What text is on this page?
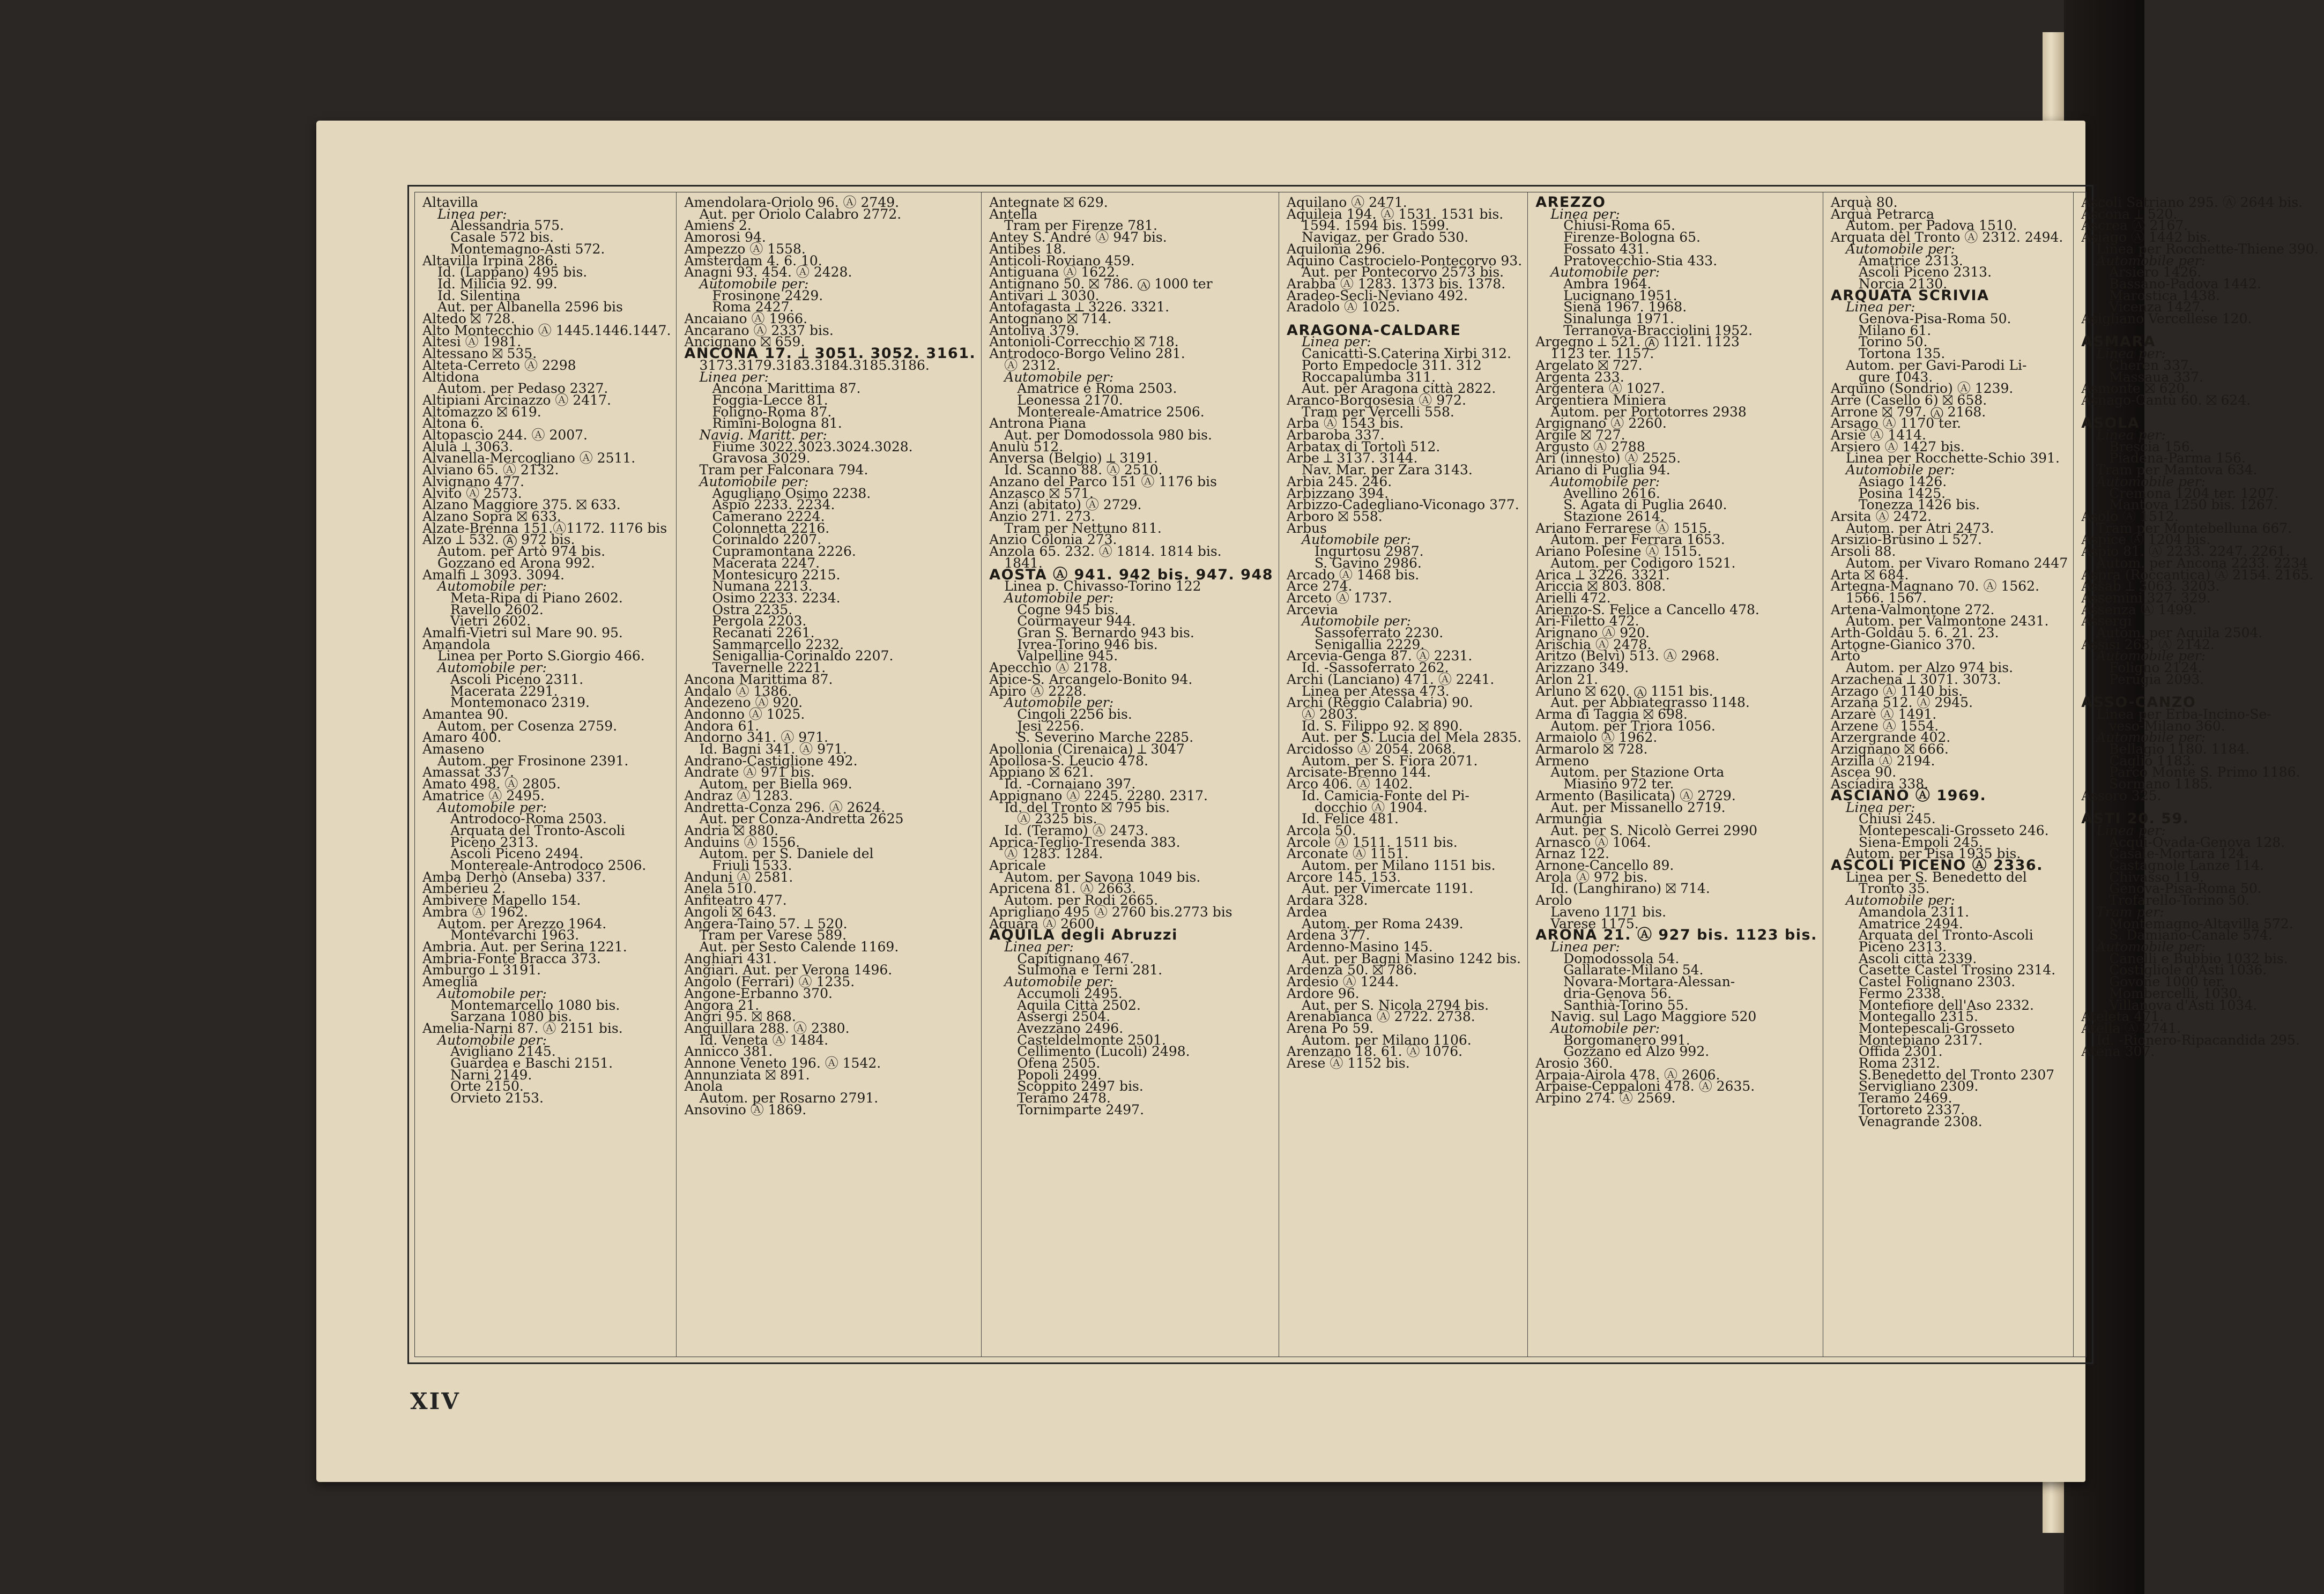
Altavilla
Linea per:
Alessandria 575.
Casale 572 bis.
Montemagno-Asti 572.
Altavilla Irpina 286.
Id. (Lappano) 495 bis.
Id. Milicia 92. 99.
Id. Silentina
Aut. per Albanella 2596 bis
Altedo ⛝ 728.
Alto Montecchio Ⓐ 1445.1446.1447.
Altesi Ⓐ 1981.
Altessano ⛝ 535.
Alteta-Cerreto Ⓐ 2298
Altidona
Autom. per Pedaso 2327.
Altipiani Arcinazzo Ⓐ 2417.
Altomazzo ⛝ 619.
Altona 6.
Altopascio 244. Ⓐ 2007.
Alula ⟂ 3063.
Alvanella-Mercogliano Ⓐ 2511.
Alviano 65. Ⓐ 2132.
Alvignano 477.
Alvito Ⓐ 2573.
Alzano Maggiore 375. ⛝ 633.
Alzano Sopra ⛝ 633.
Alzate-Brenna 151.Ⓐ1172. 1176 bis
Alzo ⟂ 532. Ⓐ 972 bis.
Autom. per Artò 974 bis.
Gozzano ed Arona 992.
Amalfi ⟂ 3093. 3094.
Automobile per:
Meta-Ripa di Piano 2602.
Ravello 2602.
Vietri 2602.
Amalfi-Vietri sul Mare 90. 95.
Amandola
Linea per Porto S.Giorgio 466.
Automobile per:
Ascoli Piceno 2311.
Macerata 2291.
Montemonaco 2319.
Amantea 90.
Autom. per Cosenza 2759.
Amaro 400.
Amaseno
Autom. per Frosinone 2391.
Amassat 337.
Amato 498. Ⓐ 2805.
Amatrice Ⓐ 2495.
Automobile per:
Antrodoco-Roma 2503.
Arquata del Tronto-Ascoli
Piceno 2313.
Ascoli Piceno 2494.
Montereale-Antrodoco 2506.
Amba Derhò (Anseba) 337.
Ambérieu 2.
Ambivere Mapello 154.
Ambra Ⓐ 1962.
Autom. per Arezzo 1964.
Montevarchi 1963.
Ambria. Aut. per Serina 1221.
Ambria-Fonte Bracca 373.
Amburgo ⟂ 3191.
Ameglia
Automobile per:
Montemarcello 1080 bis.
Sarzana 1080 bis.
Amelia-Narni 87. Ⓐ 2151 bis.
Automobile per:
Avigliano 2145.
Guardea e Baschi 2151.
Narni 2149.
Orte 2150.
Orvieto 2153.
Amendolara-Oriolo 96. Ⓐ 2749.
Aut. per Oriolo Calabro 2772.
Amiens 2.
Amorosi 94.
Ampezzo Ⓐ 1558.
Amsterdam 4. 6. 10.
Anagni 93. 454. Ⓐ 2428.
Automobile per:
Frosinone 2429.
Roma 2427.
Ancaiano Ⓐ 1966.
Ancarano Ⓐ 2337 bis.
Ancignano ⛝ 659.
ANCONA 17. ⟂ 3051. 3052. 3161.
3173.3179.3183.3184.3185.3186.
Linea per:
Ancona Marittima 87.
Foggia-Lecce 81.
Foligno-Roma 87.
Rimini-Bologna 81.
Navig. Maritt. per:
Fiume 3022.3023.3024.3028.
Gravosa 3029.
Tram per Falconara 794.
Automobile per:
Agugliano Osimo 2238.
Aspio 2233. 2234.
Camerano 2224.
Colonnetta 2216.
Corinaldo 2207.
Cupramontana 2226.
Macerata 2247.
Montesicuro 2215.
Numana 2213.
Osimo 2233. 2234.
Ostra 2235.
Pergola 2203.
Recanati 2261.
Sammarcello 2232.
Senigallia-Corinaldo 2207.
Tavernelle 2221.
Ancona Marittima 87.
Andalo Ⓐ 1386.
Andezeno Ⓐ 920.
Andonno Ⓐ 1025.
Andora 61.
Andorno 341. Ⓐ 971.
Id. Bagni 341. Ⓐ 971.
Andrano-Castiglione 492.
Andrate Ⓐ 971 bis.
Autom. per Biella 969.
Andraz Ⓐ 1283.
Andretta-Conza 296. Ⓐ 2624.
Aut. per Conza-Andretta 2625
Andria ⛝ 880.
Anduins Ⓐ 1556.
Autom. per S. Daniele del
Friuli 1533.
Anduni Ⓐ 2581.
Anela 510.
Anfiteatro 477.
Angoli ⛝ 643.
Angera-Taino 57. ⟂ 520.
Tram per Varese 589.
Aut. per Sesto Calende 1169.
Anghiari 431.
Angiari. Aut. per Verona 1496.
Angolo (Ferrari) Ⓐ 1235.
Angone-Erbanno 370.
Angora 21.
Angri 95. ⛝ 868.
Anguillara 288. Ⓐ 2380.
Id. Veneta Ⓐ 1484.
Annicco 381.
Annone Veneto 196. Ⓐ 1542.
Annunziata ⛝ 891.
Anola
Autom. per Rosarno 2791.
Ansovino Ⓐ 1869.
Antegnate ⛝ 629.
Antella
Tram per Firenze 781.
Antey S. André Ⓐ 947 bis.
Antibes 18.
Anticoli-Roviano 459.
Antiguana Ⓐ 1622.
Antignano 50. ⛝ 786. Ⓐ 1000 ter
Antivari ⟂ 3030.
Antofagasta ⟂ 3226. 3321.
Antognano ⛝ 714.
Antoliva 379.
Antonioli-Correcchio ⛝ 718.
Antrodoco-Borgo Velino 281.
Ⓐ 2312.
Automobile per:
Amatrice e Roma 2503.
Leonessa 2170.
Montereale-Amatrice 2506.
Antrona Piana
Aut. per Domodossola 980 bis.
Anulù 512.
Anversa (Belgio) ⟂ 3191.
Id. Scanno 88. Ⓐ 2510.
Anzano del Parco 151 Ⓐ 1176 bis
Anzasco ⛝ 571.
Anzi (abitato) Ⓐ 2729.
Anzio 271. 273.
Tram per Nettuno 811.
Anzio Colonia 273.
Anzola 65. 232. Ⓐ 1814. 1814 bis.
1841.
AOSTA Ⓐ 941. 942 bis. 947. 948
Linea p. Chivasso-Torino 122
Automobile per:
Cogne 945 bis.
Courmayeur 944.
Gran S. Bernardo 943 bis.
Ivrea-Torino 946 bis.
Valpelline 945.
Apecchio Ⓐ 2178.
Apice-S. Arcangelo-Bonito 94.
Apiro Ⓐ 2228.
Automobile per:
Cingoli 2256 bis.
Jesi 2256.
S. Severino Marche 2285.
Apollonia (Cirenaica) ⟂ 3047
Apollosa-S. Leucio 478.
Appiano ⛝ 621.
Id. -Cornaiano 397.
Appignano Ⓐ 2245. 2280. 2317.
Id. del Tronto ⛝ 795 bis.
Ⓐ 2325 bis.
Id. (Teramo) Ⓐ 2473.
Aprica-Teglio-Tresenda 383.
Ⓐ 1283. 1284.
Apricale
Autom. per Savona 1049 bis.
Apricena 81. Ⓐ 2663.
Autom. per Rodi 2665.
Aprigliano 495 Ⓐ 2760 bis.2773 bis
Aquara Ⓐ 2600.
AQUILA degli Abruzzi
Linea per:
Capitignano 467.
Sulmona e Terni 281.
Automobile per:
Accumoli 2495.
Aquila Città 2502.
Assergi 2504.
Avezzano 2496.
Casteldelmonte 2501.
Cellimento (Lucoli) 2498.
Ofena 2505.
Popoli 2499.
Scoppito 2497 bis.
Teramo 2478.
Tornimparte 2497.
Aquilano Ⓐ 2471.
Aquileia 194. Ⓐ 1531. 1531 bis.
1594. 1594 bis. 1599.
Navigaz. per Grado 530.
Aquilonia 296.
Aquino Castrocielo-Pontecorvo 93.
Aut. per Pontecorvo 2573 bis.
Arabba Ⓐ 1283. 1373 bis. 1378.
Aradeo-Secli-Neviano 492.
Aradolo Ⓐ 1025.

ARAGONA-CALDARE
Linea per:
Canicattì-S.Caterina Xirbi 312.
Porto Empedocle 311. 312
Roccapalumba 311.
Aut. per Aragona città 2822.
Aranco-Borgosesia Ⓐ 972.
Tram per Vercelli 558.
Arba Ⓐ 1543 bis.
Arbaroba 337.
Arbatax di Tortolì 512.
Arbe ⟂ 3137. 3144.
Nav. Mar. per Zara 3143.
Arbia 245. 246.
Arbizzano 394.
Arbizzo-Cadegliano-Viconago 377.
Arboro ⛝ 558.
Arbus
Automobile per:
Ingurtosu 2987.
S. Gavino 2986.
Arcado Ⓐ 1468 bis.
Arce 274.
Arceto Ⓐ 1737.
Arcevia
Automobile per:
Sassoferrato 2230.
Senigallia 2229.
Arcevia-Genga 87. Ⓐ 2231.
Id. -Sassoferrato 262.
Archi (Lanciano) 471. Ⓐ 2241.
Linea per Atessa 473.
Archi (Reggio Calabria) 90.
Ⓐ 2803.
Id. S. Filippo 92. ⛝ 890.
Aut. per S. Lucia del Mela 2835.
Arcidosso Ⓐ 2054. 2068.
Autom. per S. Fiora 2071.
Arcisate-Brenno 144.
Arco 406. Ⓐ 1402.
Id. Camicia-Fonte del Pi-
docchio Ⓐ 1904.
Id. Felice 481.
Arcola 50.
Arcole Ⓐ 1511. 1511 bis.
Arconate Ⓐ 1151.
Autom. per Milano 1151 bis.
Arcore 145. 153.
Aut. per Vimercate 1191.
Ardara 328.
Ardea
Autom. per Roma 2439.
Ardena 377.
Ardenno-Masino 145.
Aut. per Bagni Masino 1242 bis.
Ardenza 50. ⛝ 786.
Ardesio Ⓐ 1244.
Ardore 96.
Aut. per S. Nicola 2794 bis.
Arenabianca Ⓐ 2722. 2738.
Arena Po 59.
Autom. per Milano 1106.
Arenzano 18. 61. Ⓐ 1076.
Arese Ⓐ 1152 bis.
AREZZO
Linea per:
Chiusi-Roma 65.
Firenze-Bologna 65.
Fossato 431.
Pratovecchio-Stia 433.
Automobile per:
Ambra 1964.
Lucignano 1951.
Siena 1967. 1968.
Sinalunga 1971.
Terranova-Bracciolini 1952.
Argegno ⟂ 521. Ⓐ 1121. 1123
1123 ter. 1157.
Argelato ⛝ 727.
Argenta 233.
Argentera Ⓐ 1027.
Argentiera Miniera
Autom. per Portotorres 2938
Argignano Ⓐ 2260.
Argile ⛝ 727.
Argusto Ⓐ 2788
Ari (innesto) Ⓐ 2525.
Ariano di Puglia 94.
Automobile per:
Avellino 2616.
S. Agata di Puglia 2640.
Stazione 2614.
Ariano Ferrarese Ⓐ 1515.
Autom. per Ferrara 1653.
Ariano Polesine Ⓐ 1515.
Autom. per Codigoro 1521.
Arica ⟂ 3226. 3321.
Ariccia ⛝ 803. 808.
Arielli 472.
Arienzo-S. Felice a Cancello 478.
Ari-Filetto 472.
Arignano Ⓐ 920.
Arischia Ⓐ 2478.
Aritzo (Belvì) 513. Ⓐ 2968.
Arizzano 349.
Arlon 21.
Arluno ⛝ 620. Ⓐ 1151 bis.
Aut. per Abbiategrasso 1148.
Arma di Taggia ⛝ 698.
Autom. per Triora 1056.
Armaiolo Ⓐ 1962.
Armarolo ⛝ 728.
Armeno
Autom. per Stazione Orta
Miasino 972 ter.
Armento (Basilicata) Ⓐ 2729.
Aut. per Missanello 2719.
Armungia
Aut. per S. Nicolò Gerrei 2990
Arnasco Ⓐ 1064.
Arnaz 122.
Arnone-Cancello 89.
Arola Ⓐ 972 bis.
Id. (Langhirano) ⛝ 714.
Arolo
Laveno 1171 bis.
Varese 1175.
ARONA 21. Ⓐ 927 bis. 1123 bis.
Linea per:
Domodossola 54.
Gallarate-Milano 54.
Novara-Mortara-Alessan-
dria-Genova 56.
Santhià-Torino 55.
Navig. sul Lago Maggiore 520
Automobile per:
Borgomanero 991.
Gozzano ed Alzo 992.
Arosio 360.
Arpaia-Airola 478. Ⓐ 2606.
Arpaise-Ceppaloni 478. Ⓐ 2635.
Arpino 274. Ⓐ 2569.
Arquà 80.
Arquà Petrarca
Autom. per Padova 1510.
Arquata del Tronto Ⓐ 2312. 2494.
Automobile per:
Amatrice 2313.
Ascoli Piceno 2313.
Norcia 2130.
ARQUATA SCRIVIA
Linea per:
Genova-Pisa-Roma 50.
Milano 61.
Torino 50.
Tortona 135.
Autom. per Gavi-Parodi Li-
gure 1043.
Arquino (Sondrio) Ⓐ 1239.
Arre (Casello 6) ⛝ 658.
Arrone ⛝ 797. Ⓐ 2168.
Arsago Ⓐ 1170 ter.
Arsiè Ⓐ 1414.
Arsiero Ⓐ 1427 bis.
Linea per Rocchette-Schio 391.
Automobile per:
Asiago 1426.
Posina 1425.
Tonezza 1426 bis.
Arsita Ⓐ 2472.
Autom. per Atri 2473.
Arsizio-Brusino ⟂ 527.
Arsoli 88.
Autom. per Vivaro Romano 2447
Arta ⛝ 684.
Artegna-Magnano 70. Ⓐ 1562.
1566. 1567.
Artena-Valmontone 272.
Autom. per Valmontone 2431.
Arth-Goldau 5. 6. 21. 23.
Artogne-Gianico 370.
Artò
Autom. per Alzo 974 bis.
Arzachena ⟂ 3071. 3073.
Arzago Ⓐ 1140 bis.
Arzana 512. Ⓐ 2945.
Arzarè Ⓐ 1491.
Arzene Ⓐ 1554.
Arzergrande 402.
Arzignano ⛝ 666.
Arzilla Ⓐ 2194.
Ascea 90.
Ascíadira 338.
ASCIANO Ⓐ 1969.
Linea per:
Chiusi 245.
Montepescali-Grosseto 246.
Siena-Empoli 245.
Autom. per Pisa 1935 bis.
ASCOLI PICENO Ⓐ 2336.
Linea per S. Benedetto del
Tronto 35.
Automobile per:
Amandola 2311.
Amatrice 2494.
Arquata del Tronto-Ascoli
Piceno 2313.
Ascoli città 2339.
Casette Castel Trosino 2314.
Castel Folignano 2303.
Fermo 2338.
Montefiore dell'Aso 2332.
Montegallo 2315.
Montepescali-Grosseto
Montepiano 2317.
Offida 2301.
Roma 2312.
S.Benedetto del Tronto 2307
Servigliano 2309.
Teramo 2469.
Tortoreto 2337.
Venagrande 2308.
Ascoli Satriano 295. Ⓐ 2644 bis.
Ascona ⟂ 520.
Ascrea Ⓐ 2167.
Asiago Ⓐ 1442 bis.
Linea per Rocchette-Thiene 390.
Automobile per:
Arsiero 1426.
Bassano-Padova 1442.
Marostica 1438.
Vicenza 1427.
Asigliano Vercellese 120.

ASMARA
Linea per:
Cheren 337.
Massaua 337.
Asmonte ⛝ 620.
Asnago-Cantù 60. ⛝ 624.

ASOLA
Linea per:
Brescia 156.
Piadena-Parma 156.
Tram per Mantova 634.
Automobile per:
Cremona 1204 ter. 1207.
Mantova 1250 bis. 1267.
Asolo Ⓐ 1512.
Tram per Montebelluna 667.
Aspice Ⓐ 1204 bis.
Aspio 81. Ⓐ 2233. 2247. 2261.
Autom. per Ancona 2233. 2234
Aspra (Roccantica) Ⓐ 2154. 2165.
Assab ⟂ 3063. 3203.
Assemini 327. 329.
Assenza Ⓐ 1499.
Assergi
Autom. per Aquila 2504.
Assisi 263. Ⓐ 2142.
Automobile per:
Foligno 2124.
Perugia 2093.

ASSO-CANZO
Linea per Erba-Incino-Se-
veso-Milano 360.
Automobile per:
Bellagio 1180. 1184.
Caglio 1183.
Parco Monte S. Primo 1186.
Sormano 1185.
Assoro 325.

ASTI 20. 59.
Linea per:
Acqui-Ovada-Genova 128.
Casale-Mortara 124.
Castagnole Lanze 114.
Chivasso 119.
Genova-Pisa-Roma 50.
Trofarello-Torino 50.
Tram per:
Montemagno-Altavilla 572.
S. Damiano-Canale 574.
Automobile per:
Canelli e Bubbio 1032 bis.
Costigliole d'Asti 1036.
Govone 1000 ter.
Mombercelli, 1030.
Villanova d'Asti 1034.
Ateleta 471.
Atella Ⓐ 2741.
Id. -Rionero-Ripacandida 295.
Atena 307.
XIV
